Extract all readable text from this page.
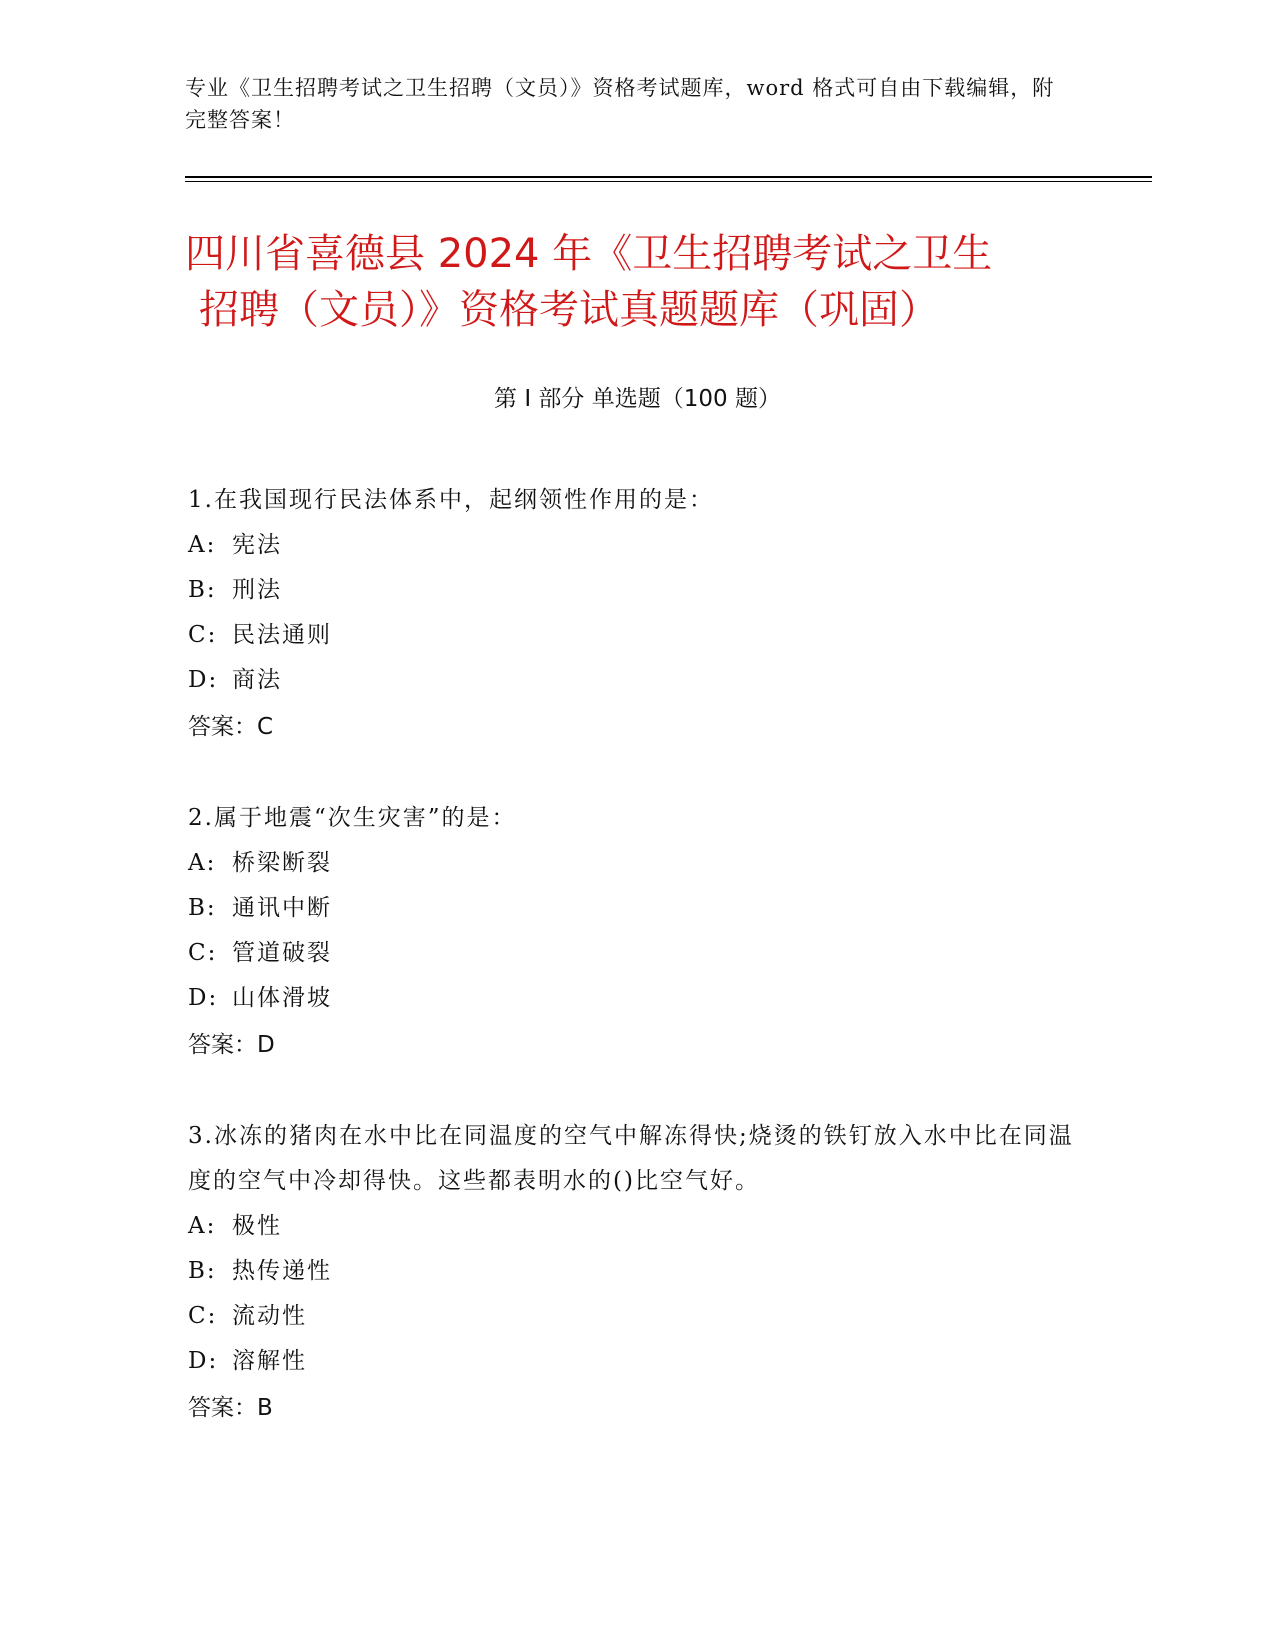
专业《卫生招聘考试之卫生招聘（文员）》资格考试题库，word 格式可自由下载编辑，附完整答案！
四川省喜德县 2024 年《卫生招聘考试之卫生
招聘（文员）》资格考试真题题库（巩固）
第 I 部分 单选题（100 题）

1.在我国现行民法体系中，起纲领性作用的是：

A: 宪法
B: 刑法
C: 民法通则
D: 商法
答案：C

2.属于地震“次生灾害”的是：

A: 桥梁断裂
B: 通讯中断
C: 管道破裂
D: 山体滑坡
答案：D

3.冰冻的猪肉在水中比在同温度的空气中解冻得快;烧烫的铁钉放入水中比在同温度的空气中冷却得快。这些都表明水的()比空气好。

A: 极性
B: 热传递性
C: 流动性
D: 溶解性
答案：B
